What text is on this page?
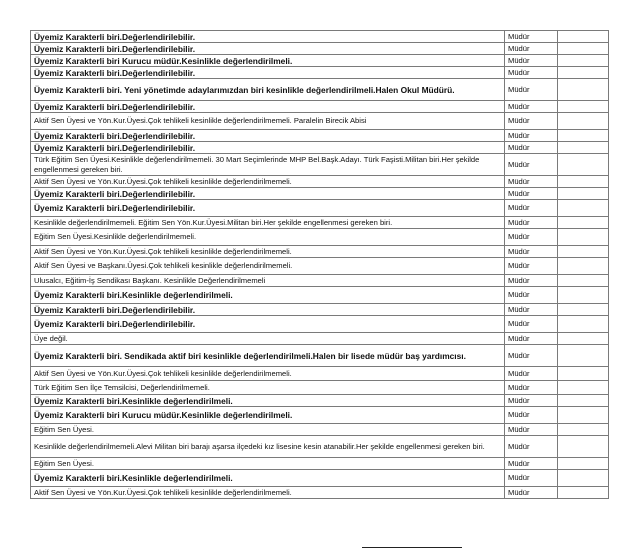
Üyemiz Karakterli biri.Değerlendirilebilir.	Müdür	
Üyemiz Karakterli biri.Değerlendirilebilir.	Müdür	
Üyemiz Karakterli biri Kurucu müdür.Kesinlikle değerlendirilmeli.	Müdür	
Üyemiz Karakterli biri.Değerlendirilebilir.	Müdür	
Üyemiz Karakterli biri. Yeni yönetimde adaylarımızdan biri kesinlikle değerlendirilmeli.Halen Okul Müdürü.	Müdür	
Üyemiz Karakterli biri.Değerlendirilebilir.	Müdür	
Aktif Sen Üyesi ve Yön.Kur.Üyesi.Çok tehlikeli kesinlikle değerlendirilmemeli. Paralelin Birecik Abisi	Müdür	
Üyemiz Karakterli biri.Değerlendirilebilir.	Müdür	
Üyemiz Karakterli biri.Değerlendirilebilir.	Müdür	
Türk Eğitim Sen Üyesi.Kesinlikle değerlendirilmemeli. 30 Mart Seçimlerinde MHP Bel.Başk.Adayı. Türk Faşisti.Militan biri.Her şekilde engellenmesi gereken biri.	Müdür	
Aktif Sen Üyesi ve Yön.Kur.Üyesi.Çok tehlikeli kesinlikle değerlendirilmemeli.	Müdür	
Üyemiz Karakterli biri.Değerlendirilebilir.	Müdür	
Üyemiz Karakterli biri.Değerlendirilebilir.	Müdür	
Kesinlikle değerlendirilmemeli. Eğitim Sen Yön.Kur.Üyesi.Militan biri.Her şekilde engellenmesi gereken biri.	Müdür	
Eğitim Sen Üyesi.Kesinlikle değerlendirilmemeli.	Müdür	
Aktif Sen Üyesi ve Yön.Kur.Üyesi.Çok tehlikeli kesinlikle değerlendirilmemeli.	Müdür	
Aktif Sen Üyesi ve Başkanı.Üyesi.Çok tehlikeli kesinlikle değerlendirilmemeli.	Müdür	
Ulusalcı, Eğitim-İş Sendikası Başkanı. Kesinlikle Değerlendirilmemeli	Müdür	
Üyemiz Karakterli biri.Kesinlikle değerlendirilmeli.	Müdür	
Üyemiz Karakterli biri.Değerlendirilebilir.	Müdür	
Üyemiz Karakterli biri.Değerlendirilebilir.	Müdür	
Üye değil.	Müdür	
Üyemiz Karakterli biri. Sendikada aktif biri kesinlikle değerlendirilmeli.Halen bir lisede müdür baş yardımcısı.	Müdür	
Aktif Sen Üyesi ve Yön.Kur.Üyesi.Çok tehlikeli kesinlikle değerlendirilmemeli.	Müdür	
Türk Eğitim Sen İlçe Temsilcisi, Değerlendirilmemeli.	Müdür	
Üyemiz Karakterli biri.Kesinlikle değerlendirilmeli.	Müdür	
Üyemiz Karakterli biri Kurucu müdür.Kesinlikle değerlendirilmeli.	Müdür	
Eğitim Sen Üyesi.	Müdür	
Kesinlikle değerlendirilmemeli.Alevi Militan biri barajı aşarsa ilçedeki kız lisesine kesin atanabilir.Her şekilde engellenmesi gereken biri.	Müdür	
Eğitim Sen Üyesi.	Müdür	
Üyemiz Karakterli biri.Kesinlikle değerlendirilmeli.	Müdür	
Aktif Sen Üyesi ve Yön.Kur.Üyesi.Çok tehlikeli kesinlikle değerlendirilmemeli.	Müdür	
